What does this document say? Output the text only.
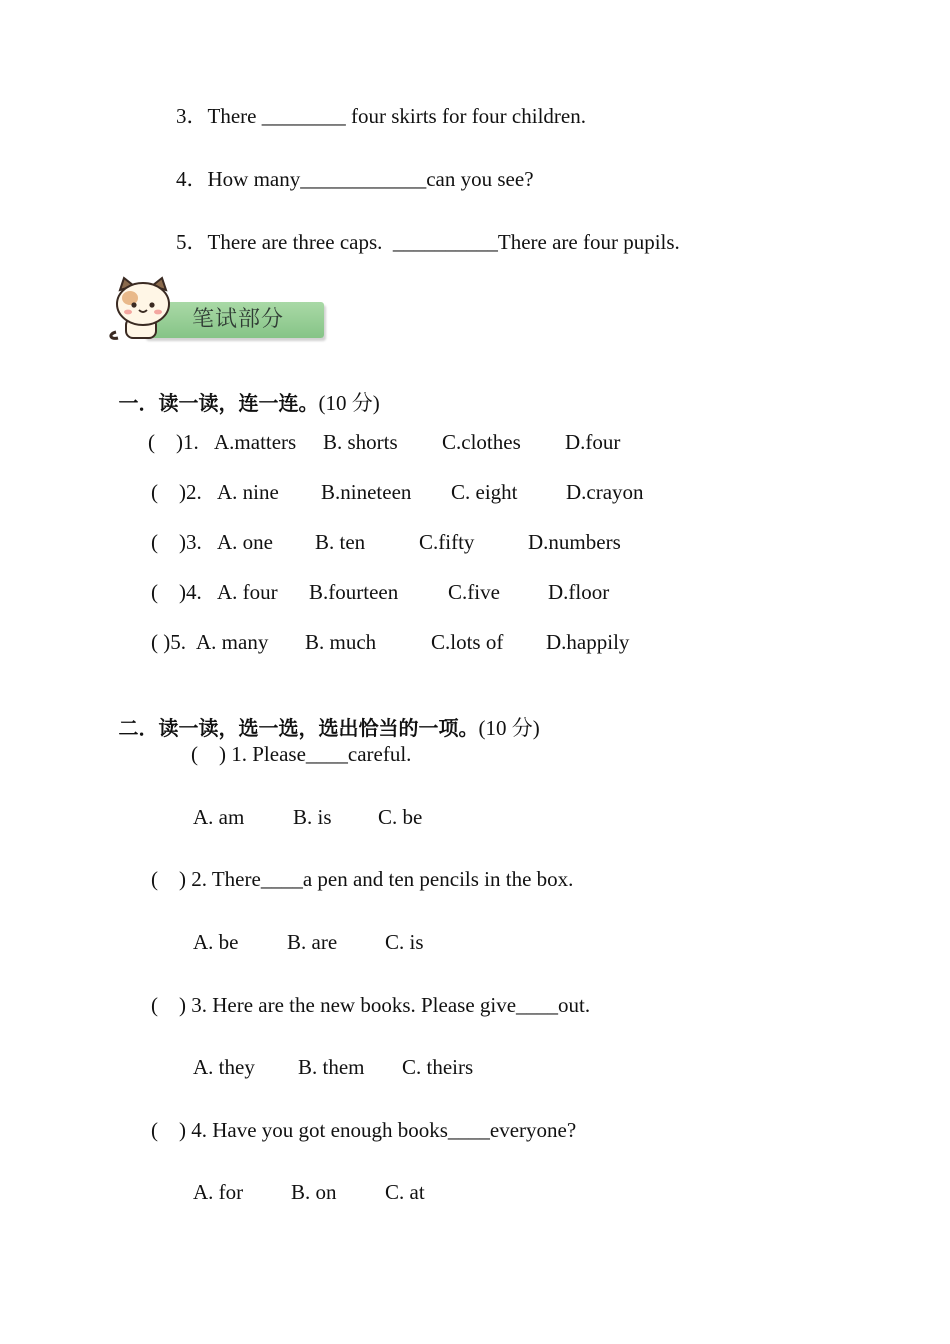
3．There ________ four skirts for four children.
4．How many____________can you see?
5．There are three caps.  __________There are four pupils.
笔试部分

一．读一读，连一连。(10 分)

(    )1. A.matters B. shorts C.clothes D.four
(    )2. A. nine B.nineteen C. eight D.crayon
(    )3. A. one B. ten	C.fifty	D.numbers
(    )4. A. four B.fourteen C.five D.floor
( )5. A. many B. much	C.lots of D.happily

二．读一读，选一选，选出恰当的一项。(10 分)

(    ) 1. Please____careful.
A. am B. is C. be
(    ) 2. There____a pen and ten pencils in the box.
A. be B. are C. is
(    ) 3. Here are the new books. Please give____out.
A. they B. them C. theirs
(    ) 4. Have you got enough books____everyone?
A. for B. on C. at
